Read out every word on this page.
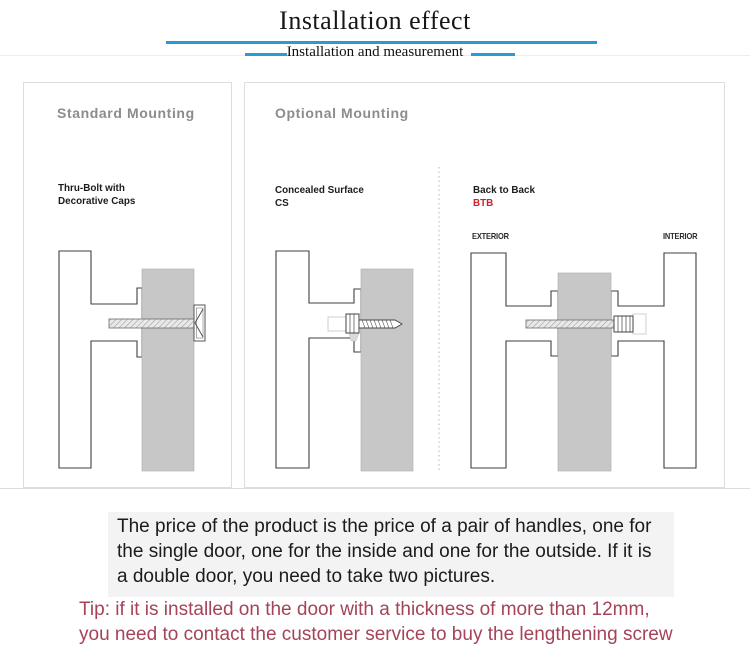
Installation effect
Installation and measurement
Standard Mounting
Thru-Bolt with
Decorative Caps
Optional Mounting
Concealed Surface
CS
Back to Back
BTB
EXTERIOR	INTERIOR
The price of the product is the price of a pair of handles, one for
the single door, one for the inside and one for the outside. If it is
a double door, you need to take two pictures.
Tip: if it is installed on the door with a thickness of more than 12mm,
you need to contact the customer service to buy the lengthening screw
